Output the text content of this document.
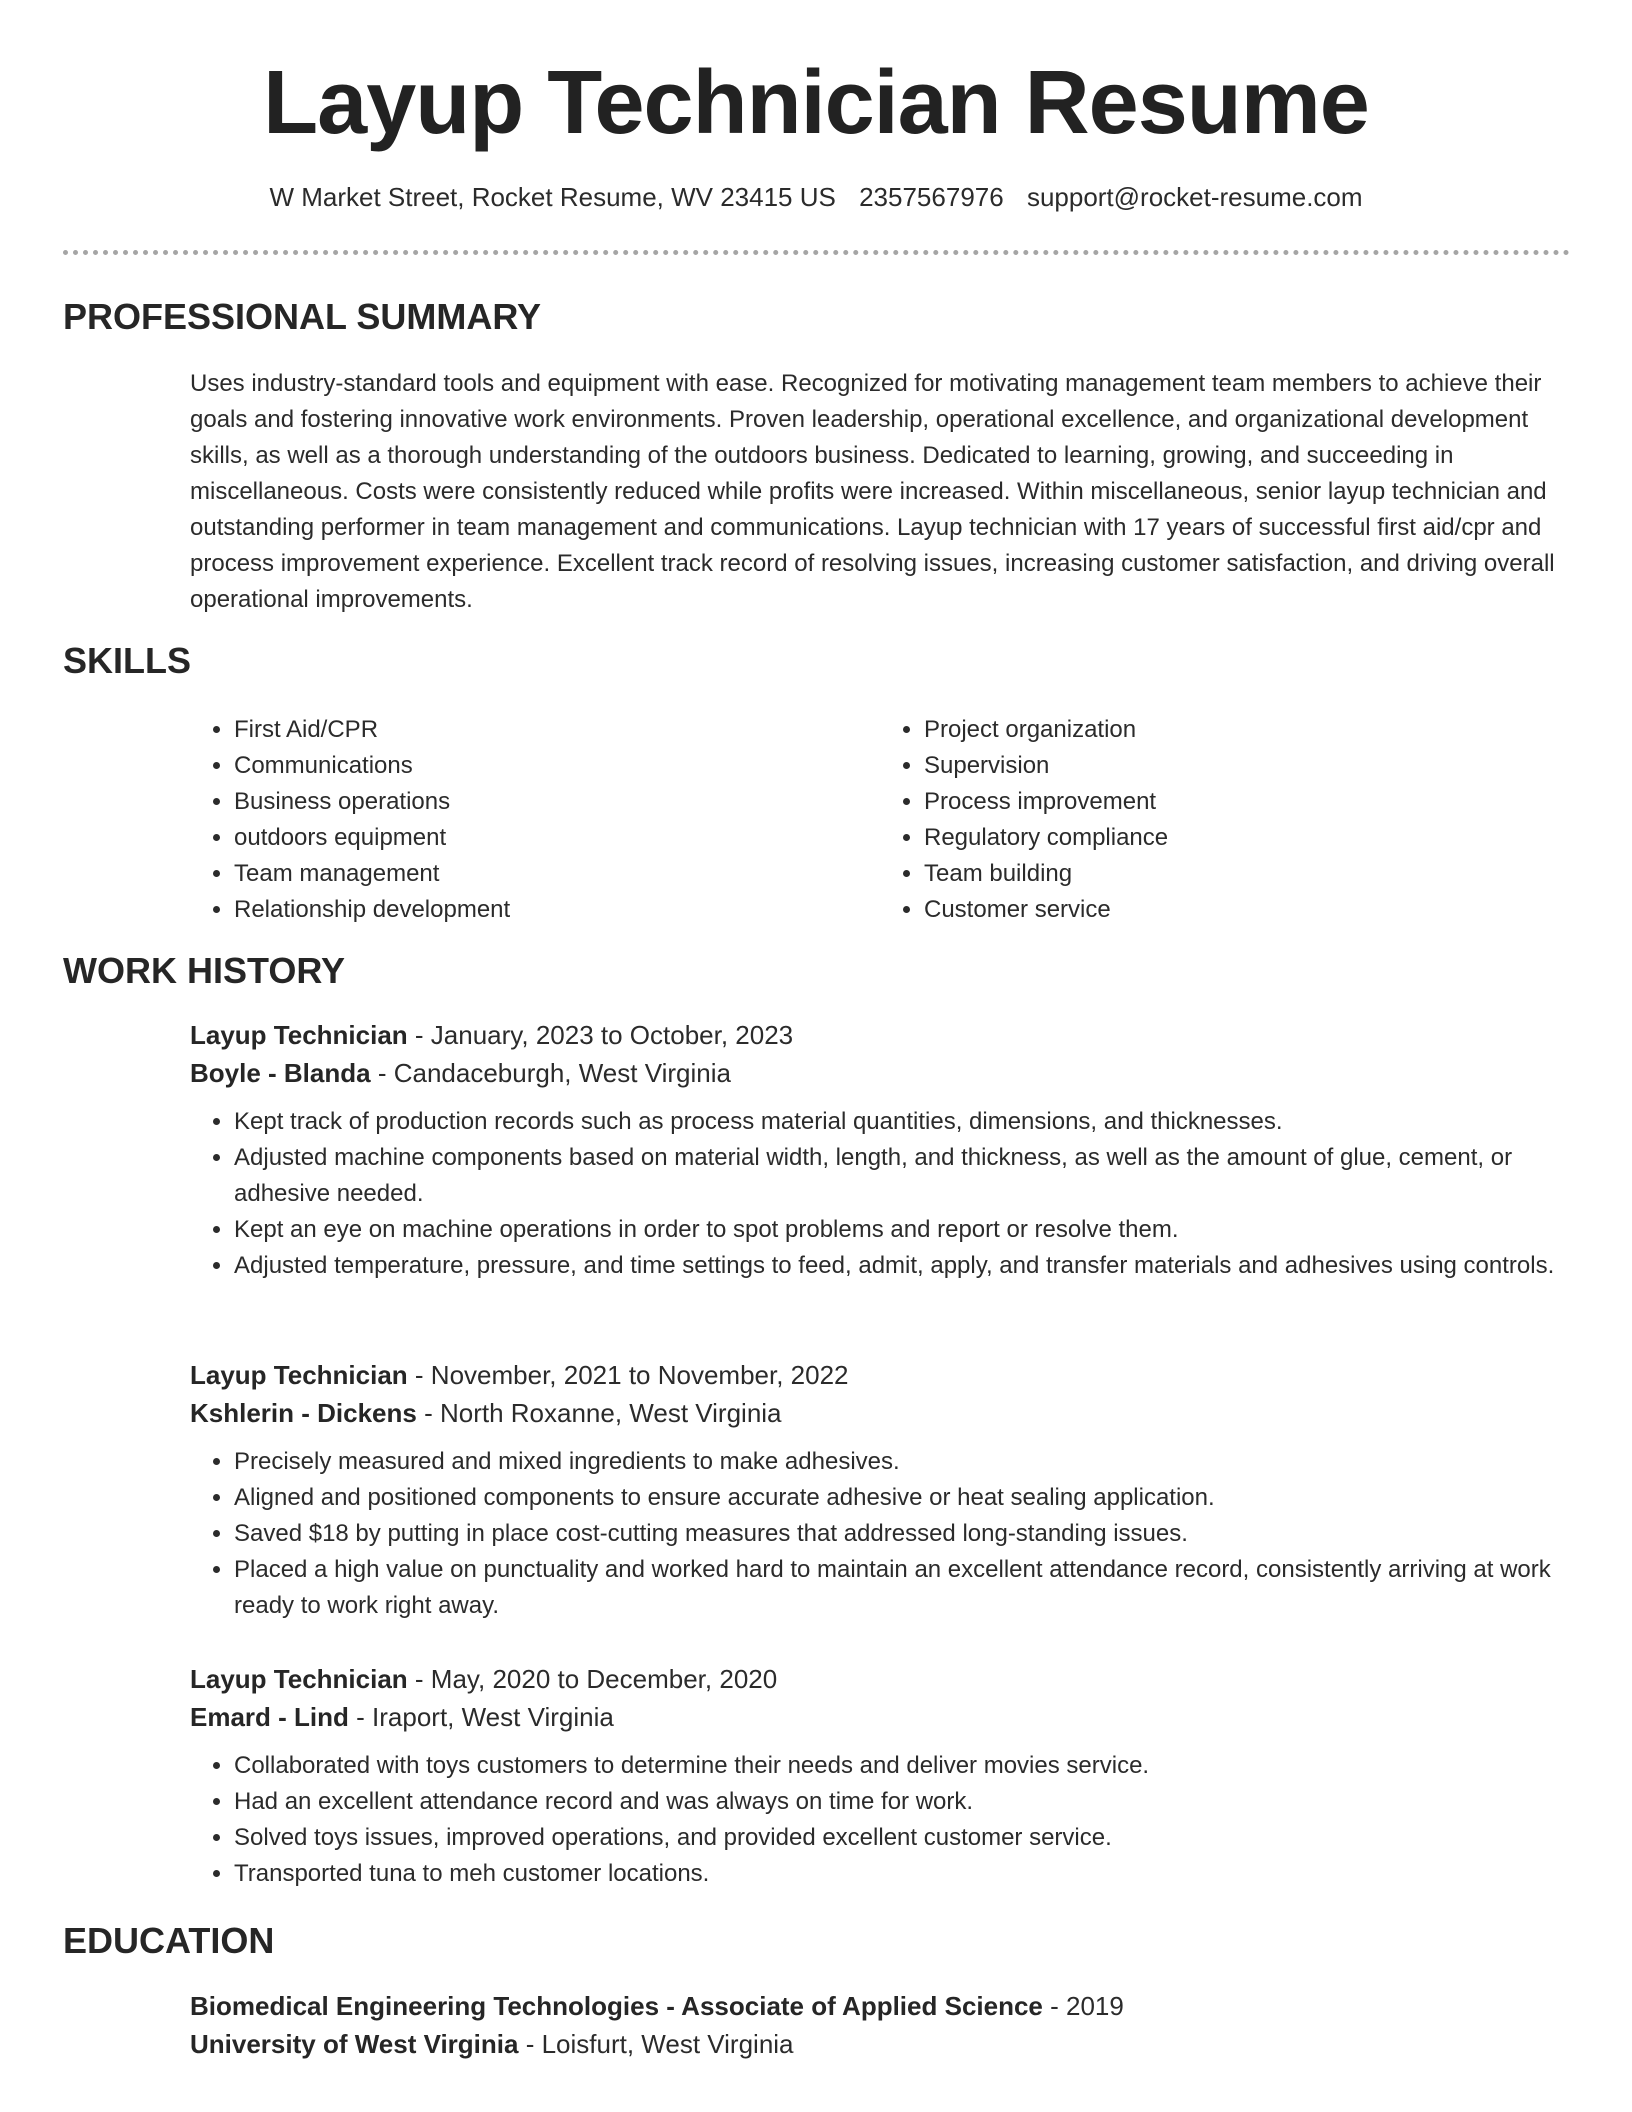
Layup Technician Resume
W Market Street, Rocket Resume, WV 23415 US 2357567976 support@rocket-resume.com
PROFESSIONAL SUMMARY
Uses industry-standard tools and equipment with ease. Recognized for motivating management team members to achieve their goals and fostering innovative work environments. Proven leadership, operational excellence, and organizational development skills, as well as a thorough understanding of the outdoors business. Dedicated to learning, growing, and succeeding in miscellaneous. Costs were consistently reduced while profits were increased. Within miscellaneous, senior layup technician and outstanding performer in team management and communications. Layup technician with 17 years of successful first aid/cpr and process improvement experience. Excellent track record of resolving issues, increasing customer satisfaction, and driving overall operational improvements.
SKILLS
• First Aid/CPR
• Communications
• Business operations
• outdoors equipment
• Team management
• Relationship development
• Project organization
• Supervision
• Process improvement
• Regulatory compliance
• Team building
• Customer service
WORK HISTORY
Layup Technician - January, 2023 to October, 2023
Boyle - Blanda - Candaceburgh, West Virginia
• Kept track of production records such as process material quantities, dimensions, and thicknesses.
• Adjusted machine components based on material width, length, and thickness, as well as the amount of glue, cement, or adhesive needed.
• Kept an eye on machine operations in order to spot problems and report or resolve them.
• Adjusted temperature, pressure, and time settings to feed, admit, apply, and transfer materials and adhesives using controls.
Layup Technician - November, 2021 to November, 2022
Kshlerin - Dickens - North Roxanne, West Virginia
• Precisely measured and mixed ingredients to make adhesives.
• Aligned and positioned components to ensure accurate adhesive or heat sealing application.
• Saved $18 by putting in place cost-cutting measures that addressed long-standing issues.
• Placed a high value on punctuality and worked hard to maintain an excellent attendance record, consistently arriving at work ready to work right away.
Layup Technician - May, 2020 to December, 2020
Emard - Lind - Iraport, West Virginia
• Collaborated with toys customers to determine their needs and deliver movies service.
• Had an excellent attendance record and was always on time for work.
• Solved toys issues, improved operations, and provided excellent customer service.
• Transported tuna to meh customer locations.
EDUCATION
Biomedical Engineering Technologies - Associate of Applied Science - 2019
University of West Virginia - Loisfurt, West Virginia
